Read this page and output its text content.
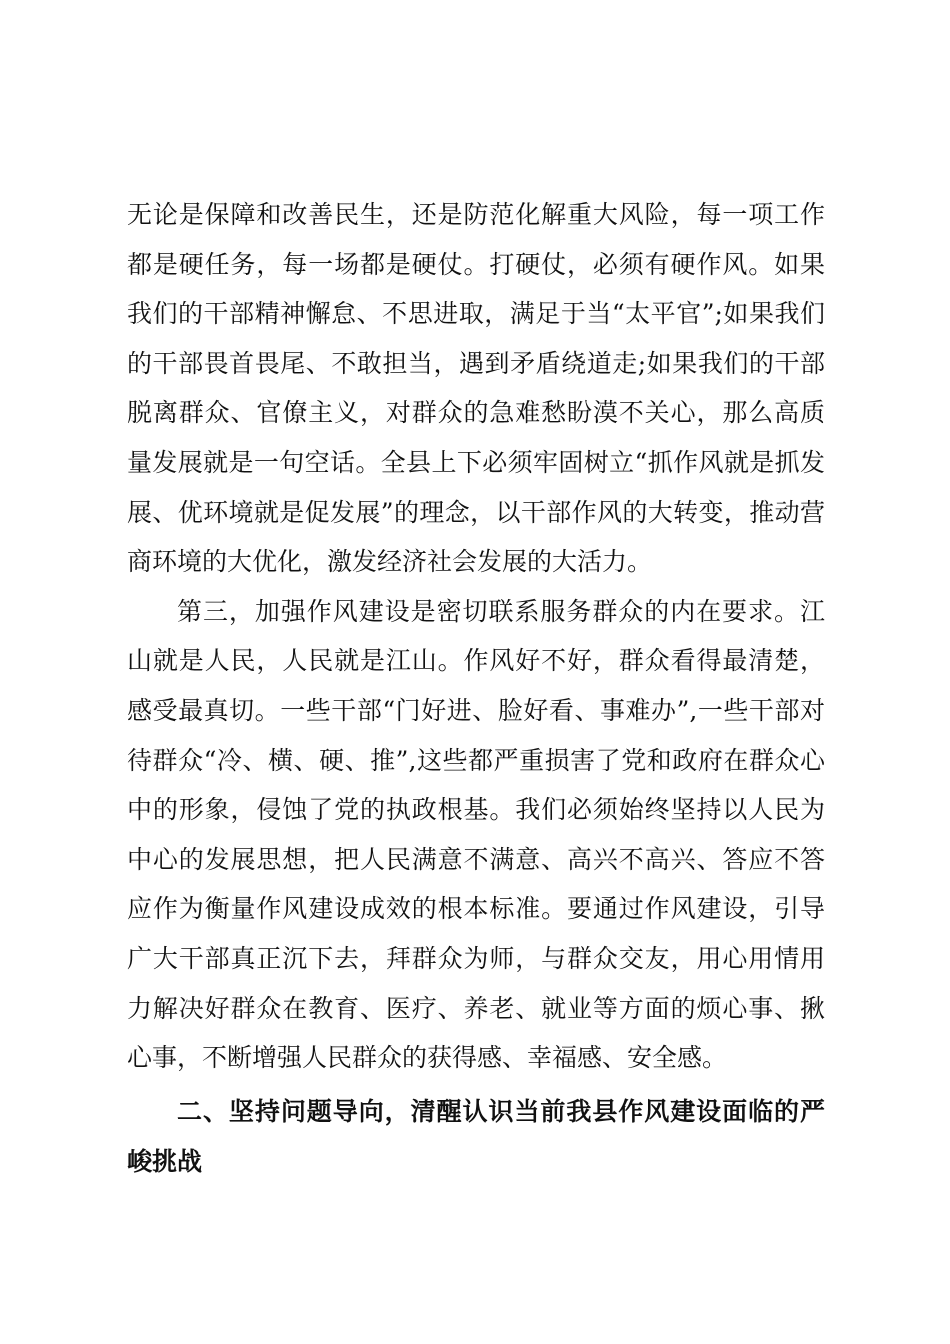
无论是保障和改善民生，还是防范化解重大风险，每一项工作都是硬任务，每一场都是硬仗。打硬仗，必须有硬作风。如果我们的干部精神懈怠、不思进取，满足于当“太平官”;如果我们的干部畏首畏尾、不敢担当，遇到矛盾绕道走;如果我们的干部脱离群众、官僚主义，对群众的急难愁盼漠不关心，那么高质量发展就是一句空话。全县上下必须牢固树立“抓作风就是抓发展、优环境就是促发展”的理念，以干部作风的大转变，推动营商环境的大优化，激发经济社会发展的大活力。

第三，加强作风建设是密切联系服务群众的内在要求。江山就是人民，人民就是江山。作风好不好，群众看得最清楚，感受最真切。一些干部“门好进、脸好看、事难办”,一些干部对待群众“冷、横、硬、推”,这些都严重损害了党和政府在群众心中的形象，侵蚀了党的执政根基。我们必须始终坚持以人民为中心的发展思想，把人民满意不满意、高兴不高兴、答应不答应作为衡量作风建设成效的根本标准。要通过作风建设，引导广大干部真正沉下去，拜群众为师，与群众交友，用心用情用力解决好群众在教育、医疗、养老、就业等方面的烦心事、揪心事，不断增强人民群众的获得感、幸福感、安全感。

二、坚持问题导向，清醒认识当前我县作风建设面临的严峻挑战
